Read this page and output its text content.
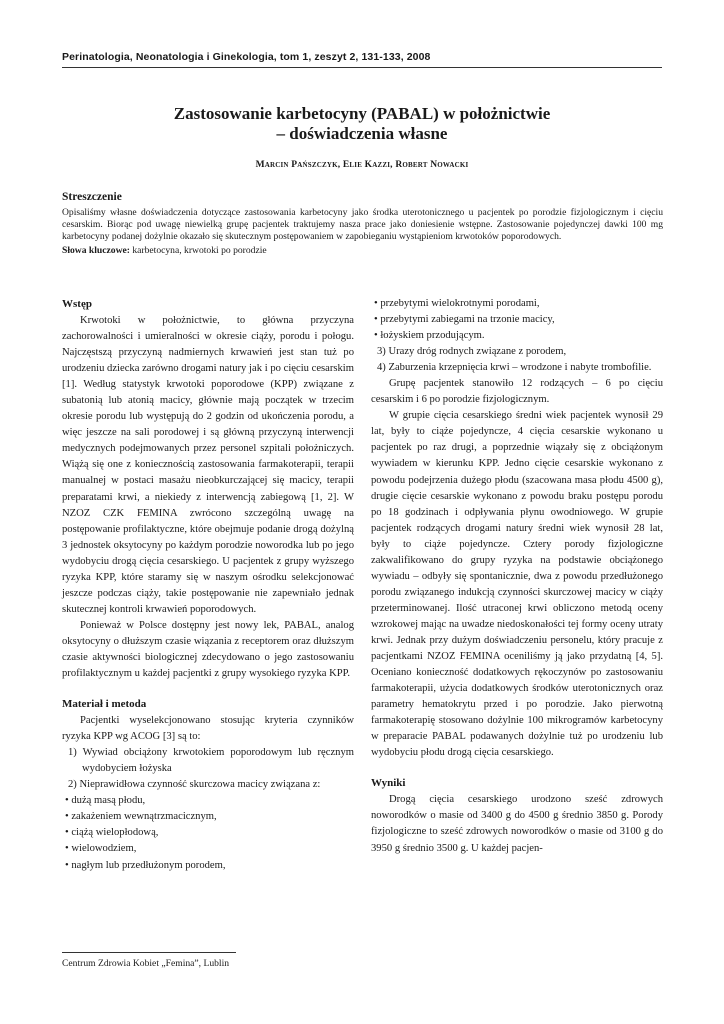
Perinatologia, Neonatologia i Ginekologia, tom 1, zeszyt 2, 131-133, 2008
Zastosowanie karbetocyny (PABAL) w położnictwie
– doświadczenia własne
Marcin Pańszczyk, Elie Kazzi, Robert Nowacki
Streszczenie

Opisaliśmy własne doświadczenia dotyczące zastosowania karbetocyny jako środka uterotonicznego u pacjentek po porodzie fizjologicznym i cięciu cesarskim. Biorąc pod uwagę niewielką grupę pacjentek traktujemy nasza prace jako doniesienie wstępne. Zastosowanie pojedynczej dawki 100 mg karbetocyny podanej dożylnie okazało się skutecznym postępowaniem w zapobieganiu wystąpieniom krwotoków poporodowych.

Słowa kluczowe: karbetocyna, krwotoki po porodzie
Wstęp

Krwotoki w położnictwie, to główna przyczyna zachorowalności i umieralności w okresie ciąży, porodu i połogu. Najczęstszą przyczyną nadmiernych krwawień jest stan tuż po urodzeniu dziecka zarówno drogami natury jak i po cięciu cesarskim [1]. Według statystyk krwotoki poporodowe (KPP) związane z subatonią lub atonią macicy, głównie mają początek w trzecim okresie porodu lub występują do 2 godzin od ukończenia porodu, a więc jeszcze na sali porodowej i są główną przyczyną interwencji medycznych podejmowanych przez personel szpitali położniczych. Wiążą się one z koniecznością zastosowania farmakoterapii, terapii manualnej w postaci masażu nieobkurczającej się macicy, terapii preparatami krwi, a niekiedy z interwencją zabiegową [1, 2]. W NZOZ CZK FEMINA zwrócono szczególną uwagę na postępowanie profilaktyczne, które obejmuje podanie drogą dożylną 3 jednostek oksytocyny po każdym porodzie noworodka lub po jego wydobyciu drogą cięcia cesarskiego. U pacjentek z grupy wyższego ryzyka KPP, które staramy się w naszym ośrodku selekcjonować jeszcze podczas ciąży, takie postępowanie nie zapewniało jednak skutecznej kontroli krwawień poporodowych.

Ponieważ w Polsce dostępny jest nowy lek, PABAL, analog oksytocyny o dłuższym czasie wiązania z receptorem oraz dłuższym czasie aktywności biologicznej zdecydowano o jego zastosowaniu profilaktycznym u każdej pacjentki z grupy wysokiego ryzyka KPP.

Materiał i metoda

Pacjentki wyselekcjonowano stosując kryteria czynników ryzyka KPP wg ACOG [3] są to:

1) Wywiad obciążony krwotokiem poporodowym lub ręcznym wydobyciem łożyska
2) Nieprawidłowa czynność skurczowa macicy związana z:
• dużą masą płodu,
• zakażeniem wewnątrzmacicznym,
• ciążą wielopłodową,
• wielowodziem,
• nagłym lub przedłużonym porodem,
• przebytymi wielokrotnymi porodami,
• przebytymi zabiegami na trzonie macicy,
• łożyskiem przodującym.
3) Urazy dróg rodnych związane z porodem,
4) Zaburzenia krzepnięcia krwi – wrodzone i nabyte trombofilie.

Grupę pacjentek stanowiło 12 rodzących – 6 po cięciu cesarskim i 6 po porodzie fizjologicznym.

W grupie cięcia cesarskiego średni wiek pacjentek wynosił 29 lat, były to ciąże pojedyncze, 4 cięcia cesarskie wykonano u pacjentek po raz drugi, a poprzednie wiązały się z obciążonym wywiadem w kierunku KPP. Jedno cięcie cesarskie wykonano z powodu podejrzenia dużego płodu (szacowana masa płodu 4500 g), drugie cięcie cesarskie wykonano z powodu braku postępu porodu po 18 godzinach i odpływania płynu owodniowego. W grupie pacjentek rodzących drogami natury średni wiek wynosił 28 lat, były to ciąże pojedyncze. Cztery porody fizjologiczne zakwalifikowano do grupy ryzyka na podstawie obciążonego wywiadu – odbyły się spontanicznie, dwa z powodu przedłużonego porodu związanego indukcją czynności skurczowej macicy w ciąży przeterminowanej. Ilość utraconej krwi obliczono metodą oceny wzrokowej mając na uwadze niedoskonałości tej formy oceny utraty krwi. Jednak przy dużym doświadczeniu personelu, który pracuje z pacjentkami NZOZ FEMINA oceniliśmy ją jako przydatną [4, 5]. Oceniano konieczność dodatkowych rękoczynów po zastosowaniu farmakoterapii, użycia dodatkowych środków uterotonicznych oraz parametry hematokrytu przed i po porodzie. Jako pierwotną farmakoterapię stosowano dożylnie 100 mikrogramów karbetocyny w preparacie PABAL podawanych dożylnie tuż po urodzeniu lub wydobyciu płodu drogą cięcia cesarskiego.

Wyniki

Drogą cięcia cesarskiego urodzono sześć zdrowych noworodków o masie od 3400 g do 4500 g średnio 3850 g. Porody fizjologiczne to sześć zdrowych noworodków o masie od 3100 g do 3950 g średnio 3500 g. U każdej pacjen-

Centrum Zdrowia Kobiet „Femina”, Lublin
